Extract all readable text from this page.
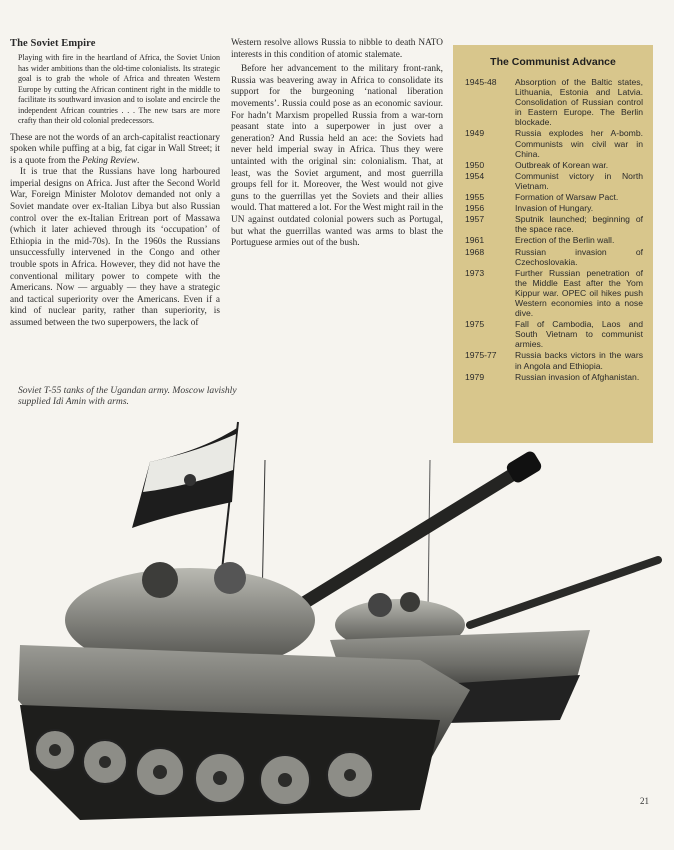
The Soviet Empire

Playing with fire in the heartland of Africa, the Soviet Union has wider ambitions than the old-time colonialists. Its strategic goal is to grab the whole of Africa and threaten Western Europe by cutting the African continent right in the middle to facilitate its southward invasion and to isolate and encircle the independent African countries . . . The new tsars are more crafty than their old colonial predecessors.

These are not the words of an arch-capitalist reactionary spoken while puffing at a big, fat cigar in Wall Street; it is a quote from the Peking Review.

It is true that the Russians have long harboured imperial designs on Africa. Just after the Second World War, Foreign Minister Molotov demanded not only a Soviet mandate over ex-Italian Libya but also Russian control over the ex-Italian Eritrean port of Massawa (which it later achieved through its ‘occupation’ of Ethiopia in the mid-70s). In the 1960s the Russians unsuccessfully intervened in the Congo and other trouble spots in Africa. However, they did not have the conventional military power to compete with the Americans. Now — arguably — they have a strategic and tactical superiority over the Americans. Even if a kind of nuclear parity, rather than superiority, is assumed between the two superpowers, the lack of

Western resolve allows Russia to nibble to death NATO interests in this condition of atomic stalemate.

Before her advancement to the military front-rank, Russia was beavering away in Africa to consolidate its support for the burgeoning ‘national liberation movements’. Russia could pose as an economic saviour. For hadn’t Marxism propelled Russia from a war-torn peasant state into a superpower in just over a generation? And Russia held an ace: the Soviets had never held imperial sway in Africa. Thus they were untainted with the original sin: colonialism. That, at least, was the Soviet argument, and most guerrilla groups fell for it. Moreover, the West would not give guns to the guerrillas yet the Soviets and their allies would. That mattered a lot. For the West might rail in the UN against outdated colonial powers such as Portugal, but what the guerrillas wanted was arms to blast the Portuguese armies out of the bush.

The Communist Advance
1945-48	Absorption of the Baltic states, Lithuania, Estonia and Latvia. Consolidation of Russian control in Eastern Europe. The Berlin blockade.
1949	Russia explodes her A-bomb. Communists win civil war in China.
1950	Outbreak of Korean war.
1954	Communist victory in North Vietnam.
1955	Formation of Warsaw Pact.
1956	Invasion of Hungary.
1957	Sputnik launched; beginning of the space race.
1961	Erection of the Berlin wall.
1968	Russian invasion of Czechoslovakia.
1973	Further Russian penetration of the Middle East after the Yom Kippur war. OPEC oil hikes push Western economies into a nose dive.
1975	Fall of Cambodia, Laos and South Vietnam to communist armies.
1975-77	Russia backs victors in the wars in Angola and Ethiopia.
1979	Russian invasion of Afghanistan.
Soviet T-55 tanks of the Ugandan army. Moscow lavishly supplied Idi Amin with arms.
21
